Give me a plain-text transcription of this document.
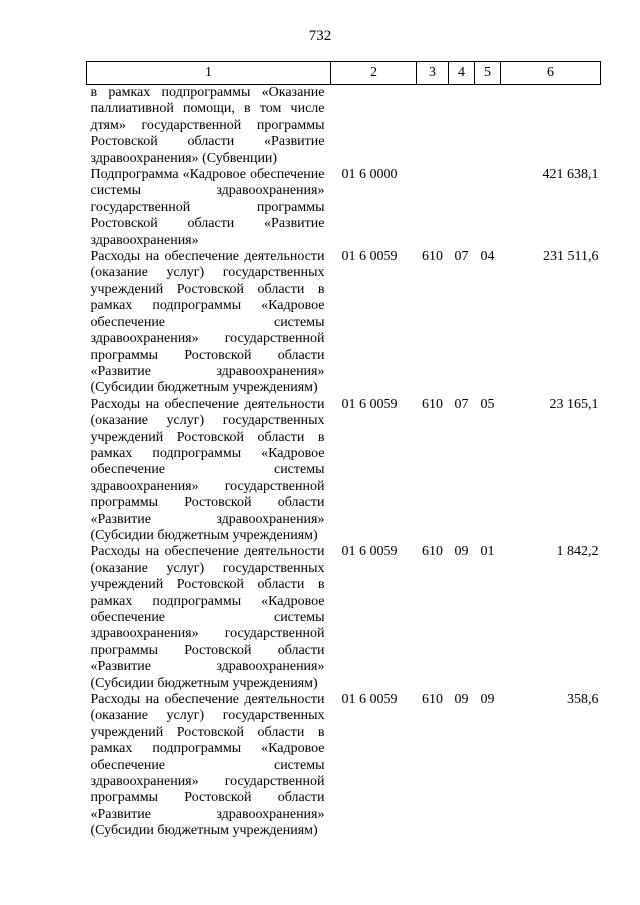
732
1	2	3	4	5	6
в рамках подпрограммы «Оказание паллиативной помощи, в том числе дтям» государственной программы Ростовской области «Развитие здравоохранения» (Субвенции)					
Подпрограмма «Кадровое обеспечение системы здравоохранения» государственной программы Ростовской области «Развитие здравоохранения»	01 6 0000				421 638,1
Расходы на обеспечение деятельности (оказание услуг) государственных учреждений Ростовской области в рамках подпрограммы «Кадровое обеспечение системы здравоохранения» государственной программы Ростовской области «Развитие здравоохранения» (Субсидии бюджетным учреждениям)	01 6 0059	610	07	04	231 511,6
Расходы на обеспечение деятельности (оказание услуг) государственных учреждений Ростовской области в рамках подпрограммы «Кадровое обеспечение системы здравоохранения» государственной программы Ростовской области «Развитие здравоохранения» (Субсидии бюджетным учреждениям)	01 6 0059	610	07	05	23 165,1
Расходы на обеспечение деятельности (оказание услуг) государственных учреждений Ростовской области в рамках подпрограммы «Кадровое обеспечение системы здравоохранения» государственной программы Ростовской области «Развитие здравоохранения» (Субсидии бюджетным учреждениям)	01 6 0059	610	09	01	1 842,2
Расходы на обеспечение деятельности (оказание услуг) государственных учреждений Ростовской области в рамках подпрограммы «Кадровое обеспечение системы здравоохранения» государственной программы Ростовской области «Развитие здравоохранения» (Субсидии бюджетным учреждениям)	01 6 0059	610	09	09	358,6
